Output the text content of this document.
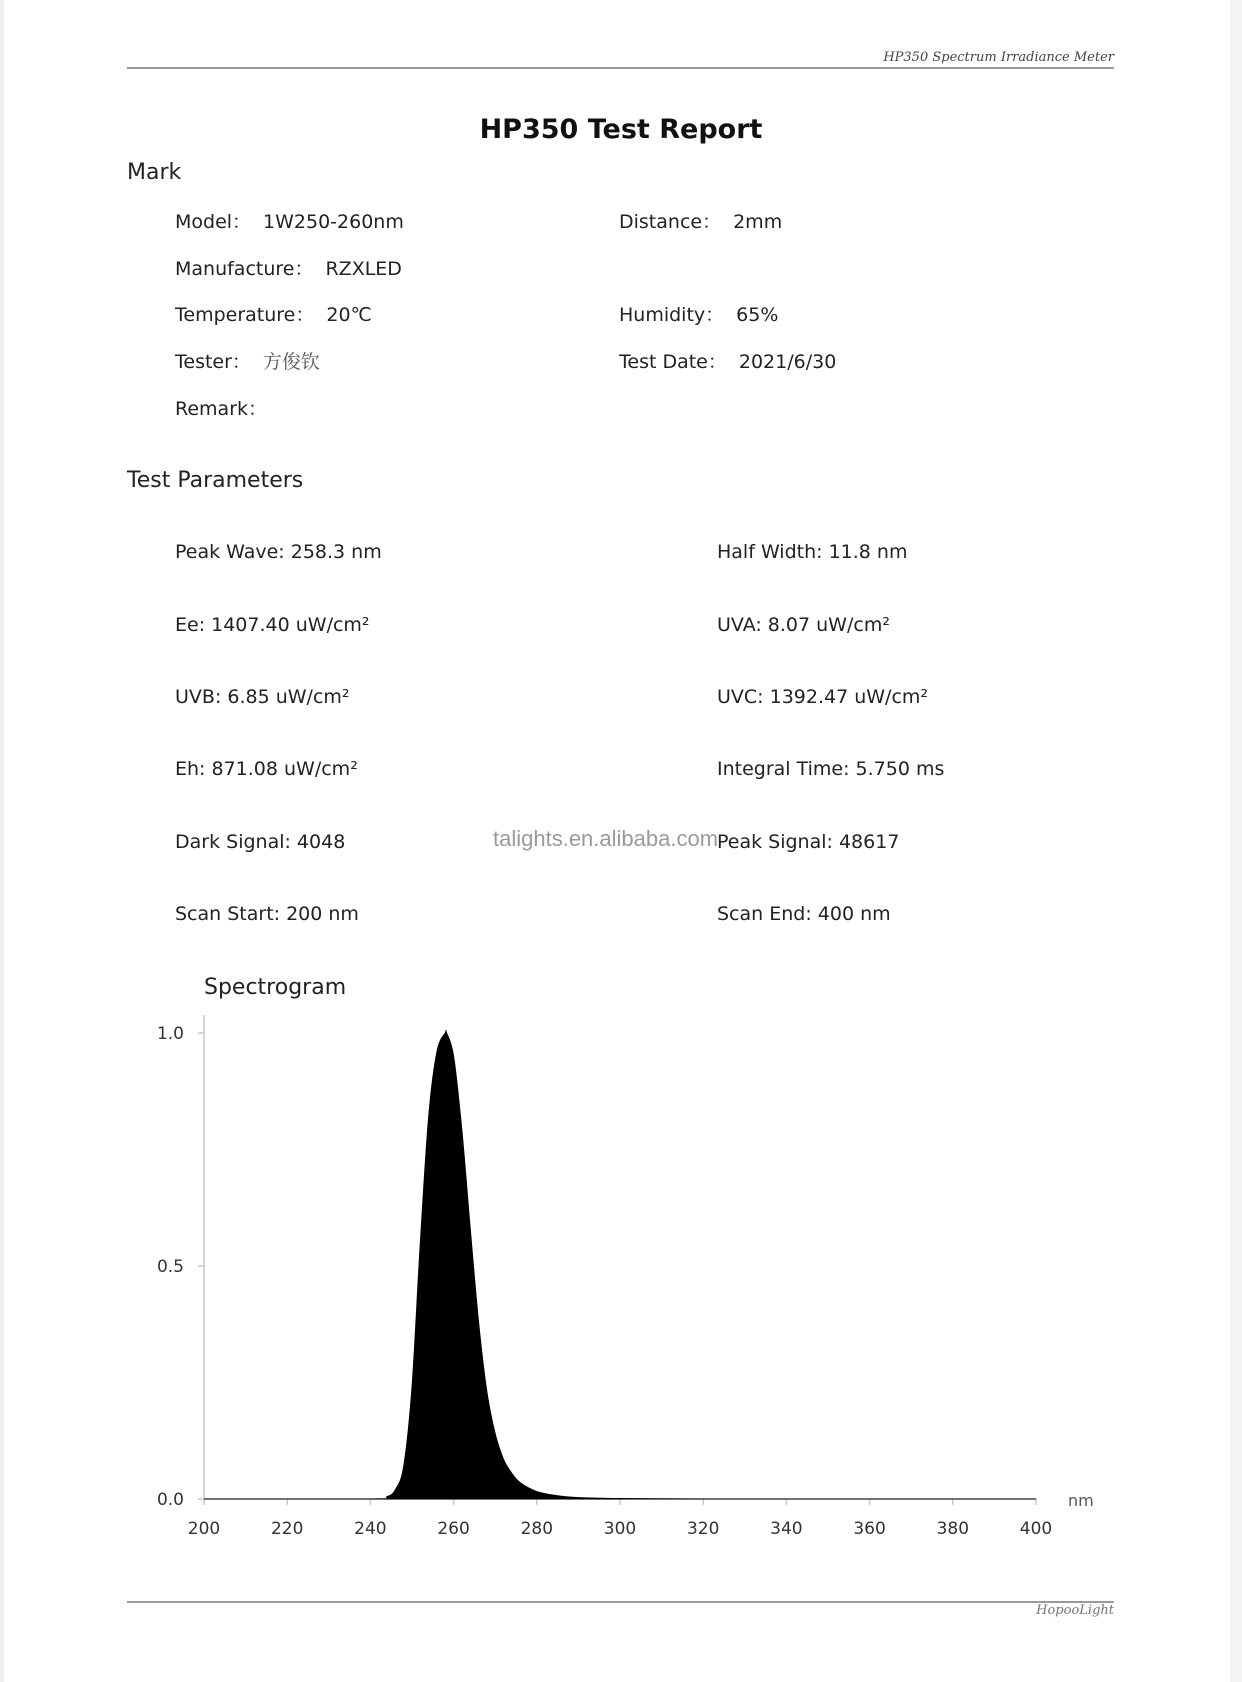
HP350 Spectrum Irradiance Meter
HP350 Test Report
Mark
Model： 1W250-260nm	Distance： 2mm
Manufacture： RZXLED
Temperature： 20℃	Humidity： 65%
Tester： 方俊钦	Test Date： 2021/6/30
Remark：
Test Parameters
Peak Wave: 258.3 nm	Half Width: 11.8 nm
Ee: 1407.40 uW/cm²	UVA: 8.07 uW/cm²
UVB: 6.85 uW/cm²	UVC: 1392.47 uW/cm²
Eh: 871.08 uW/cm²	Integral Time: 5.750 ms
Dark Signal: 4048	Peak Signal: 48617
Scan Start: 200 nm	Scan End: 400 nm
talights.en.alibaba.com
Spectrogram
200	220	240	260	280	300	320	340	360	380	400
0.0
0.5
1.0
nm
HopooLight
